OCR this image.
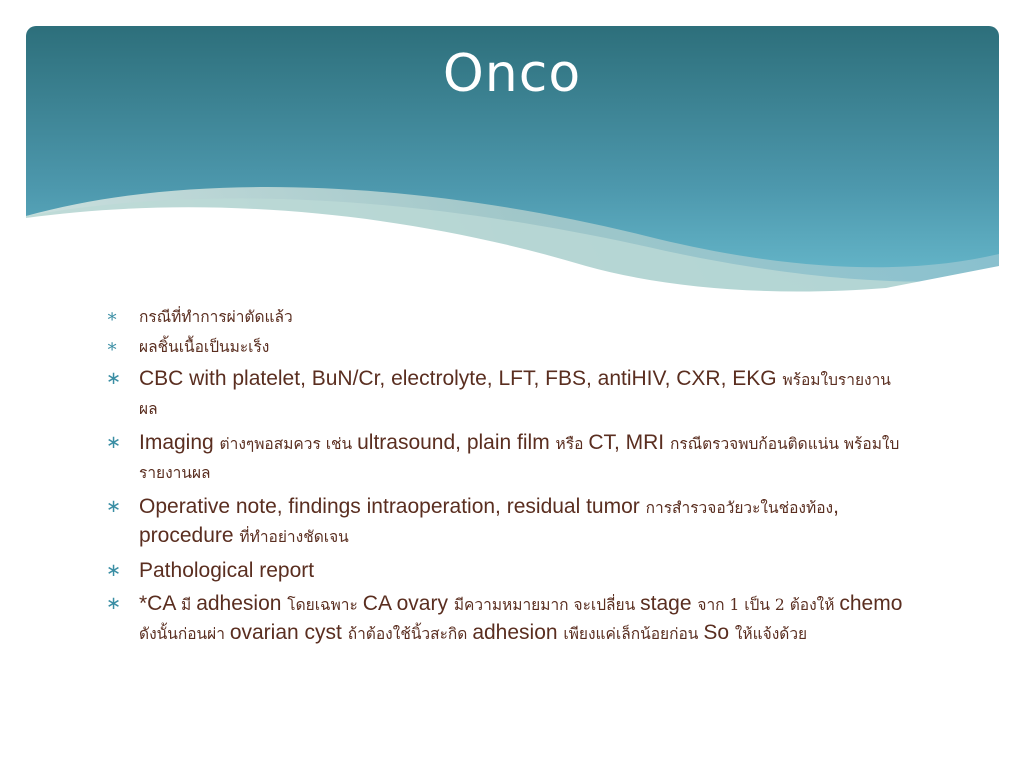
Onco
∗ กรณีที่ทำการผ่าตัดแล้ว
∗ ผลชิ้นเนื้อเป็นมะเร็ง
∗ CBC with platelet, BuN/Cr, electrolyte, LFT, FBS, antiHIV, CXR, EKG พร้อมใบรายงานผล
∗ Imaging ต่างๆพอสมควร เช่น ultrasound, plain film หรือ CT, MRI กรณีตรวจพบก้อนติดแน่น พร้อมใบรายงานผล
∗ Operative note, findings intraoperation, residual tumor การสำรวจอวัยวะในช่องท้อง, procedure ที่ทำอย่างชัดเจน
∗ Pathological report
∗ *CA มี adhesion โดยเฉพาะ CA ovary มีความหมายมาก จะเปลี่ยน stage จาก 1 เป็น 2 ต้องให้ chemo ดังนั้นก่อนผ่า ovarian cyst ถ้าต้องใช้นิ้วสะกิด adhesion เพียงแค่เล็กน้อยก่อน So ให้แจ้งด้วย
